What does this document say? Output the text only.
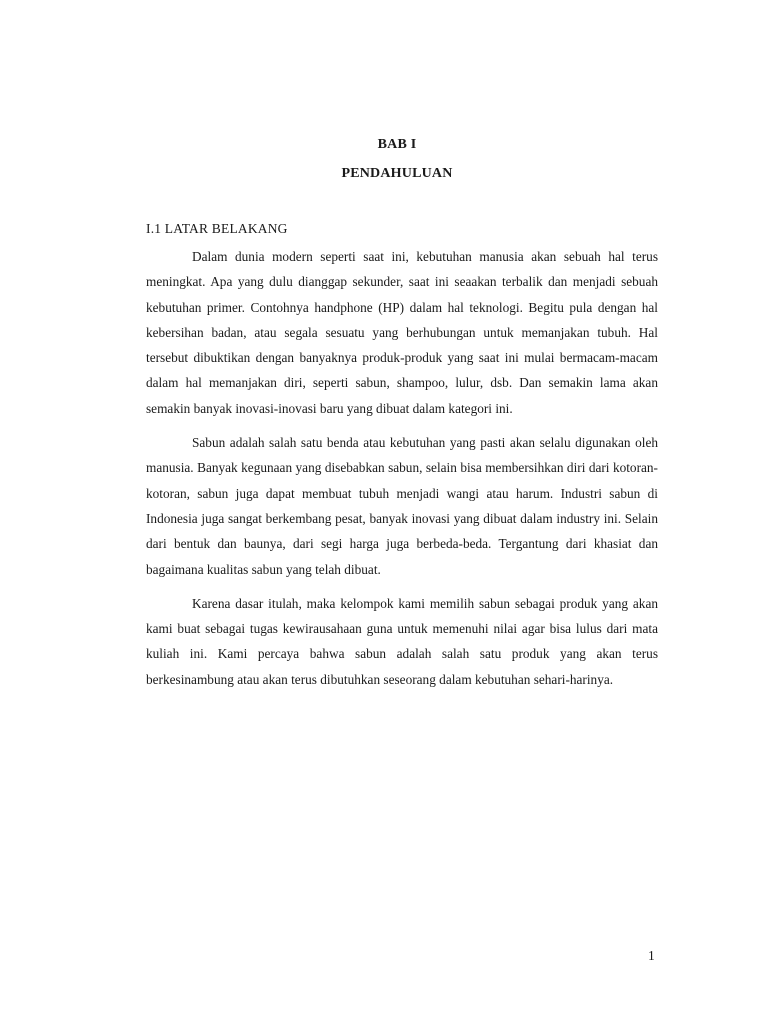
BAB I
PENDAHULUAN
I.1 LATAR BELAKANG

Dalam dunia modern seperti saat ini, kebutuhan manusia akan sebuah hal terus meningkat. Apa yang dulu dianggap sekunder, saat ini seaakan terbalik dan menjadi sebuah kebutuhan primer. Contohnya handphone (HP) dalam hal teknologi. Begitu pula dengan hal kebersihan badan, atau segala sesuatu yang berhubungan untuk memanjakan tubuh. Hal tersebut dibuktikan dengan banyaknya produk-produk yang saat ini mulai bermacam-macam dalam hal memanjakan diri, seperti sabun, shampoo, lulur, dsb. Dan semakin lama akan semakin banyak inovasi-inovasi baru yang dibuat dalam kategori ini.

Sabun adalah salah satu benda atau kebutuhan yang pasti akan selalu digunakan oleh manusia. Banyak kegunaan yang disebabkan sabun, selain bisa membersihkan diri dari kotoran-kotoran, sabun juga dapat membuat tubuh menjadi wangi atau harum. Industri sabun di Indonesia juga sangat berkembang pesat, banyak inovasi yang dibuat dalam industry ini. Selain dari bentuk dan baunya, dari segi harga juga berbeda-beda. Tergantung dari khasiat dan bagaimana kualitas sabun yang telah dibuat.

Karena dasar itulah, maka kelompok kami memilih sabun sebagai produk yang akan kami buat sebagai tugas kewirausahaan guna untuk memenuhi nilai agar bisa lulus dari mata kuliah ini. Kami percaya bahwa sabun adalah salah satu produk yang akan terus berkesinambung atau akan terus dibutuhkan seseorang dalam kebutuhan sehari-harinya.

1
